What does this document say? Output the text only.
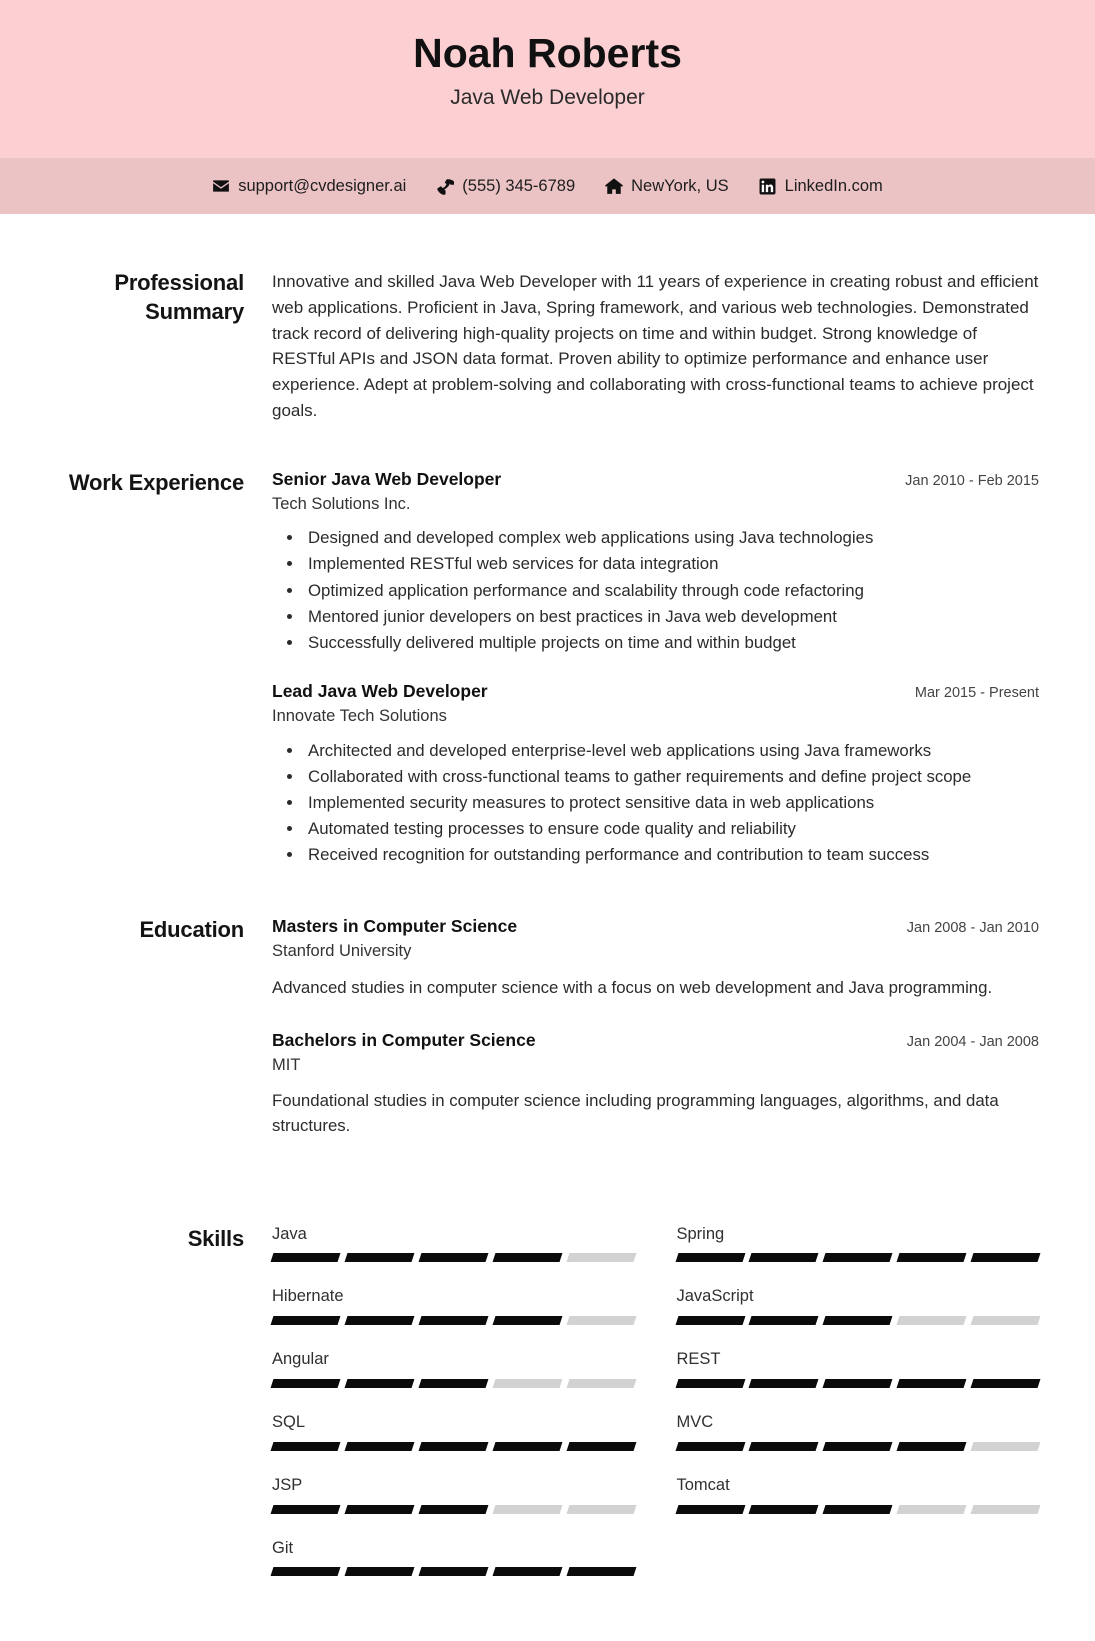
Noah Roberts
Java Web Developer
support@cvdesigner.ai	(555) 345-6789	NewYork, US	LinkedIn.com
Professional Summary

Innovative and skilled Java Web Developer with 11 years of experience in creating robust and efficient web applications. Proficient in Java, Spring framework, and various web technologies. Demonstrated track record of delivering high-quality projects on time and within budget. Strong knowledge of RESTful APIs and JSON data format. Proven ability to optimize performance and enhance user experience. Adept at problem-solving and collaborating with cross-functional teams to achieve project goals.

Work Experience	Senior Java Web Developer	Jan 2010 - Feb 2015
Tech Solutions Inc.
• Designed and developed complex web applications using Java technologies
• Implemented RESTful web services for data integration
• Optimized application performance and scalability through code refactoring
• Mentored junior developers on best practices in Java web development
• Successfully delivered multiple projects on time and within budget
Lead Java Web Developer	Mar 2015 - Present
Innovate Tech Solutions
• Architected and developed enterprise-level web applications using Java frameworks
• Collaborated with cross-functional teams to gather requirements and define project scope
• Implemented security measures to protect sensitive data in web applications
• Automated testing processes to ensure code quality and reliability
• Received recognition for outstanding performance and contribution to team success
Education	Masters in Computer Science	Jan 2008 - Jan 2010
Stanford University
Advanced studies in computer science with a focus on web development and Java programming.
Bachelors in Computer Science	Jan 2004 - Jan 2008
MIT
Foundational studies in computer science including programming languages, algorithms, and data structures.
Skills	Java	Spring
Hibernate	JavaScript
Angular	REST
SQL	MVC
JSP	Tomcat
Git
